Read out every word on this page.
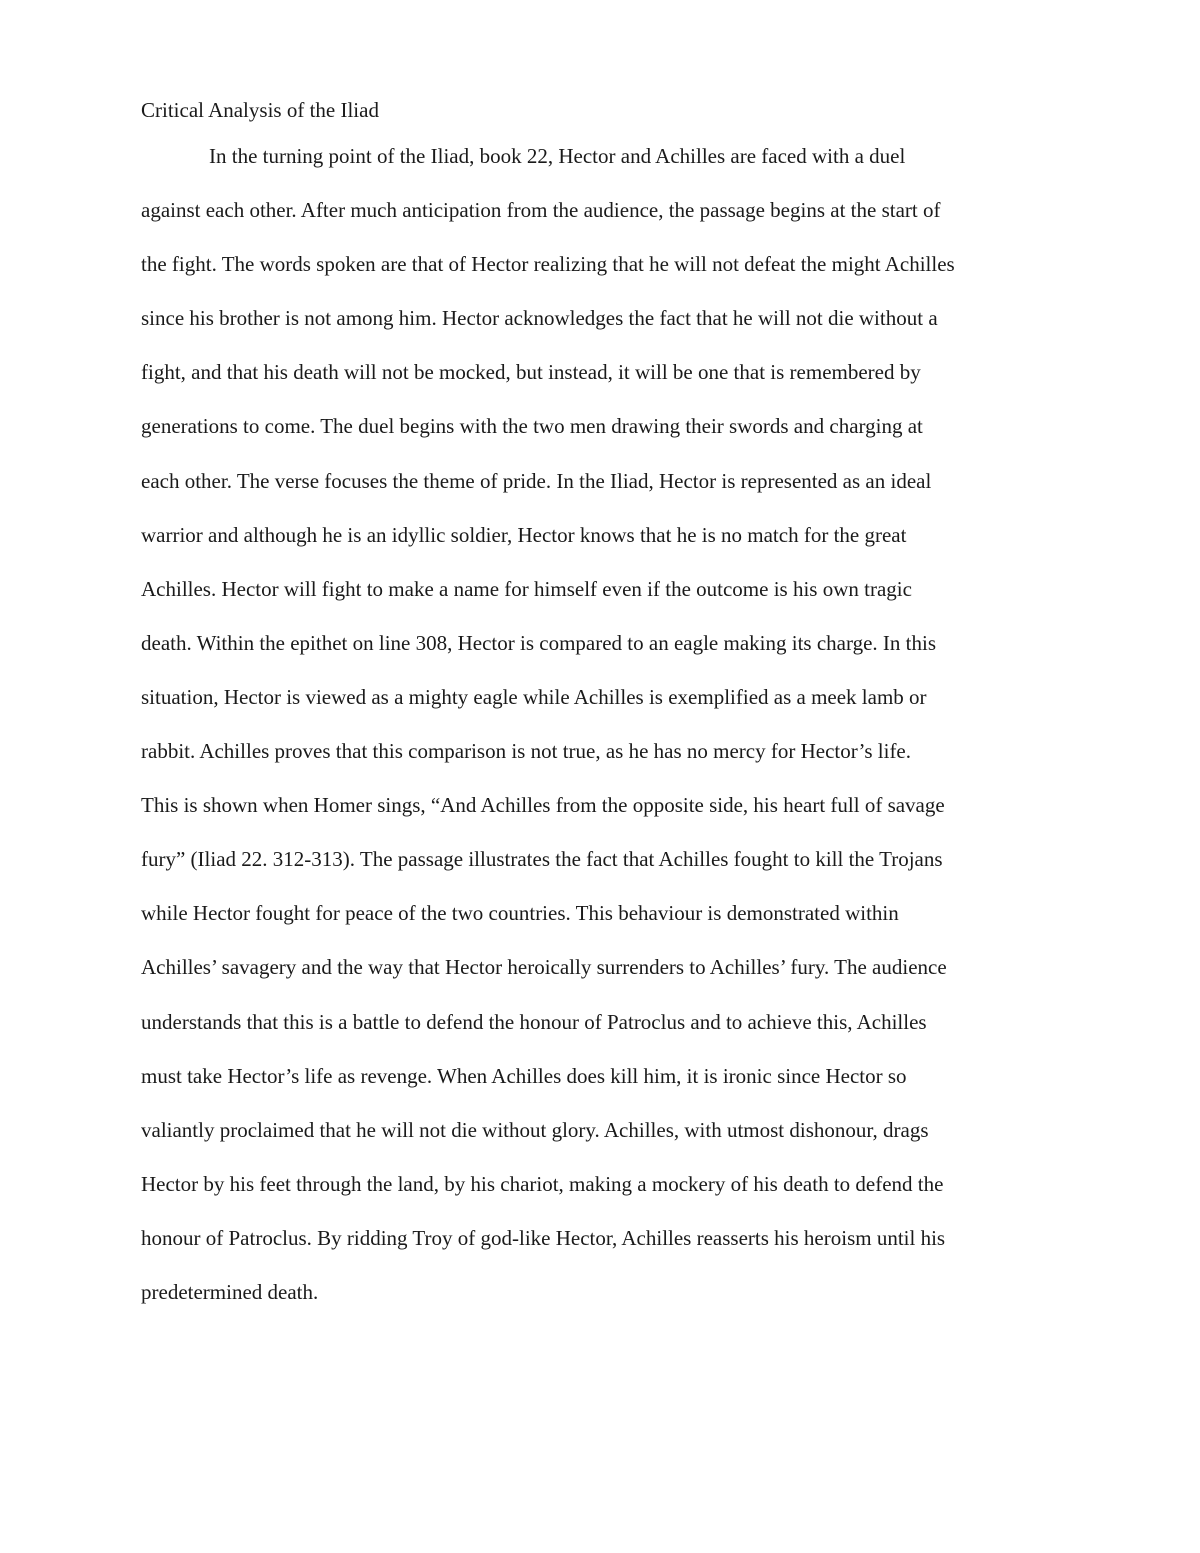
Critical Analysis of the Iliad
In the turning point of the Iliad, book 22, Hector and Achilles are faced with a duel
against each other. After much anticipation from the audience, the passage begins at the start of
the fight. The words spoken are that of Hector realizing that he will not defeat the might Achilles
since his brother is not among him. Hector acknowledges the fact that he will not die without a
fight, and that his death will not be mocked, but instead, it will be one that is remembered by
generations to come. The duel begins with the two men drawing their swords and charging at
each other. The verse focuses the theme of pride. In the Iliad, Hector is represented as an ideal
warrior and although he is an idyllic soldier, Hector knows that he is no match for the great
Achilles. Hector will fight to make a name for himself even if the outcome is his own tragic
death. Within the epithet on line 308, Hector is compared to an eagle making its charge. In this
situation, Hector is viewed as a mighty eagle while Achilles is exemplified as a meek lamb or
rabbit. Achilles proves that this comparison is not true, as he has no mercy for Hector’s life.
This is shown when Homer sings, “And Achilles from the opposite side, his heart full of savage
fury” (Iliad 22. 312-313). The passage illustrates the fact that Achilles fought to kill the Trojans
while Hector fought for peace of the two countries. This behaviour is demonstrated within
Achilles’ savagery and the way that Hector heroically surrenders to Achilles’ fury. The audience
understands that this is a battle to defend the honour of Patroclus and to achieve this, Achilles
must take Hector’s life as revenge. When Achilles does kill him, it is ironic since Hector so
valiantly proclaimed that he will not die without glory. Achilles, with utmost dishonour, drags
Hector by his feet through the land, by his chariot, making a mockery of his death to defend the
honour of Patroclus. By ridding Troy of god-like Hector, Achilles reasserts his heroism until his
predetermined death.
